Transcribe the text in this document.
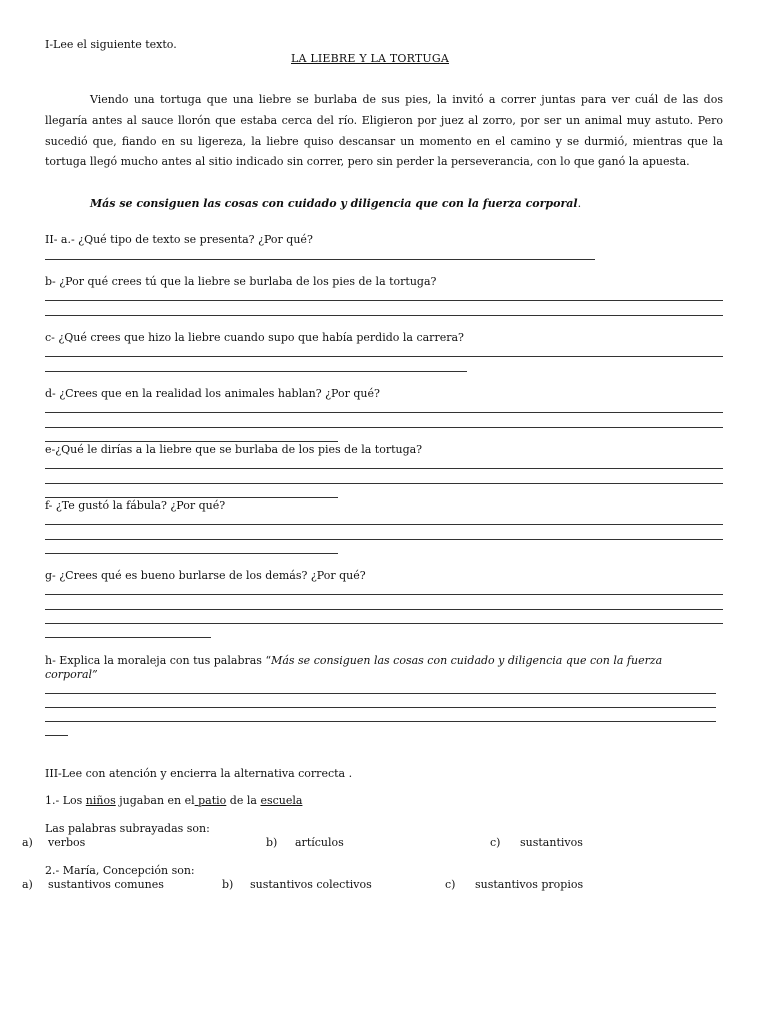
I-Lee el siguiente texto.
LA LIEBRE Y LA TORTUGA
Viendo una tortuga que una liebre se burlaba de sus pies, la invitó a correr juntas para ver cuál de las dos llegaría antes al sauce llorón que estaba cerca del río. Eligieron por juez al zorro, por ser un animal muy astuto. Pero sucedió que, fiando en su ligereza, la liebre quiso descansar un momento en el camino y se durmió, mientras que la tortuga llegó mucho antes al sitio indicado sin correr, pero sin perder la perseverancia, con lo que ganó la apuesta.
Más se consiguen las cosas con cuidado y diligencia que con la fuerza corporal.
II- a.- ¿Qué tipo de texto se presenta? ¿Por qué?
b- ¿Por qué crees tú que la liebre se burlaba de los pies de la tortuga?
c- ¿Qué crees que hizo la liebre cuando supo que había perdido la carrera?
d- ¿Crees que en la realidad los animales hablan? ¿Por qué?
e-¿Qué le dirías a la liebre que se burlaba de los pies de la tortuga?
f- ¿Te gustó la fábula? ¿Por qué?
g- ¿Crees qué es bueno burlarse de los demás? ¿Por qué?
h- Explica la moraleja con tus palabras “Más se consiguen las cosas con cuidado y diligencia que con la fuerza
corporal”
III-Lee con atención y encierra la alternativa correcta .
1.- Los niños jugaban en el patio de la escuela
Las palabras subrayadas son:
a) verbos	b) artículos	c) sustantivos
2.- María, Concepción son:
a) sustantivos comunes	b) sustantivos colectivos	c) sustantivos propios
